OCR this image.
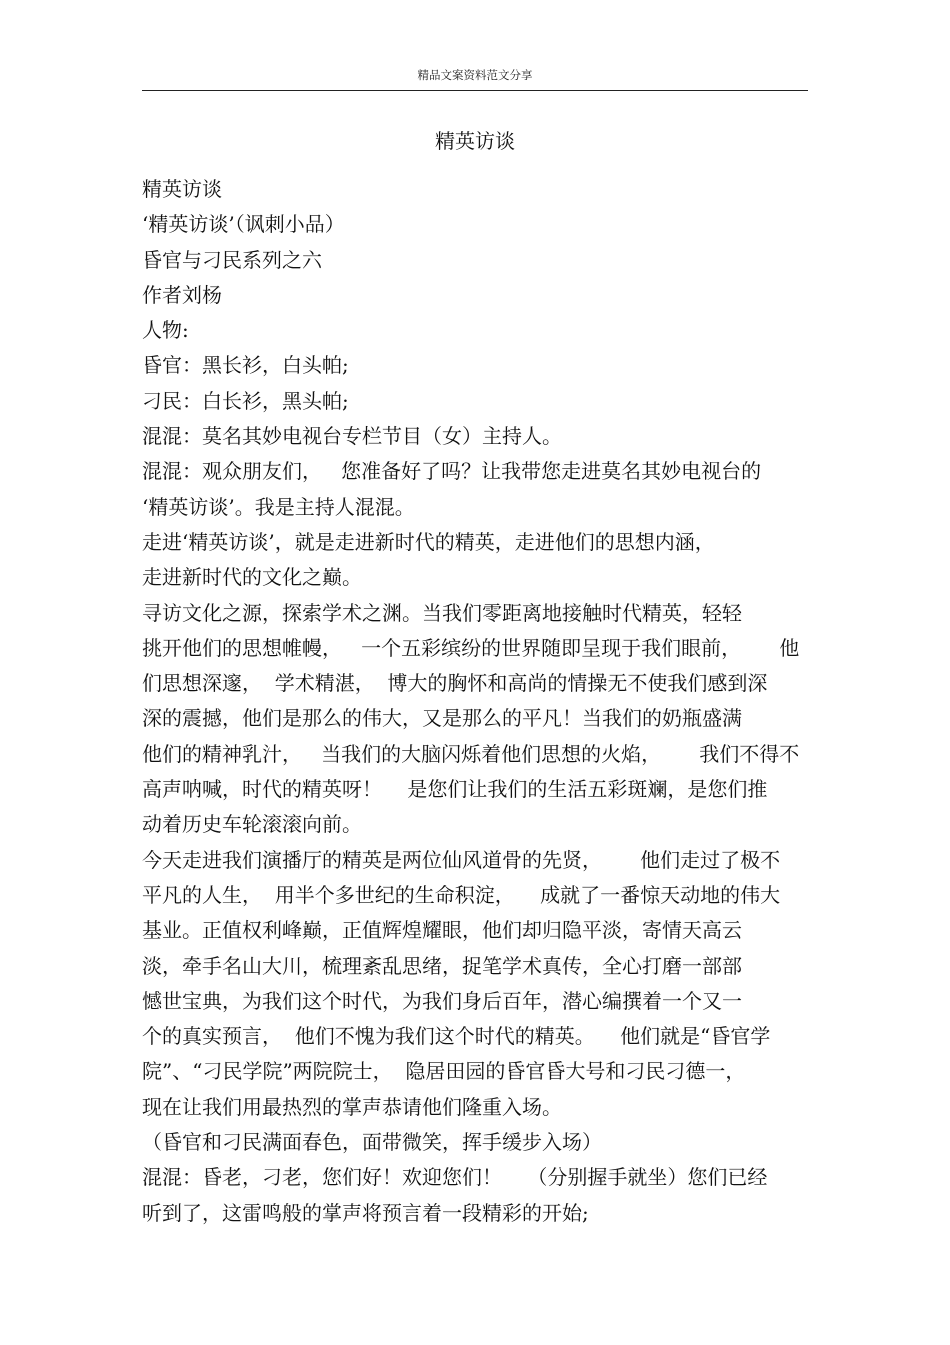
精品文案资料范文分享
精英访谈
精英访谈
‘精英访谈’（讽刺小品）
昏官与刁民系列之六
作者刘杨
人物:
昏官：黑长衫，白头帕;
刁民：白长衫，黑头帕;
混混：莫名其妙电视台专栏节目（女）主持人。
混混：观众朋友们，   您准备好了吗？让我带您走进莫名其妙电视台的
‘精英访谈’。我是主持人混混。
走进‘精英访谈’，就是走进新时代的精英，走进他们的思想内涵，
走进新时代的文化之巅。
寻访文化之源，探索学术之渊。当我们零距离地接触时代精英，轻轻
挑开他们的思想帷幔，   一个五彩缤纷的世界随即呈现于我们眼前，      他
们思想深邃，  学术精湛，  博大的胸怀和高尚的情操无不使我们感到深
深的震撼，他们是那么的伟大，又是那么的平凡！当我们的奶瓶盛满
他们的精神乳汁，   当我们的大脑闪烁着他们思想的火焰，      我们不得不
高声呐喊，时代的精英呀！    是您们让我们的生活五彩斑斓，是您们推
动着历史车轮滚滚向前。
今天走进我们演播厅的精英是两位仙风道骨的先贤，      他们走过了极不
平凡的人生，  用半个多世纪的生命积淀，    成就了一番惊天动地的伟大
基业。正值权利峰巅，正值辉煌耀眼，他们却归隐平淡，寄情天高云
淡，牵手名山大川，梳理紊乱思绪，捉笔学术真传，全心打磨一部部
憾世宝典，为我们这个时代，为我们身后百年，潜心编撰着一个又一
个的真实预言，  他们不愧为我们这个时代的精英。    他们就是“昏官学
院”、“刁民学院”两院院士，  隐居田园的昏官昏大号和刁民刁德一，
现在让我们用最热烈的掌声恭请他们隆重入场。
（昏官和刁民满面春色，面带微笑，挥手缓步入场）
混混：昏老，刁老，您们好！欢迎您们！    （分别握手就坐）您们已经
听到了，这雷鸣般的掌声将预言着一段精彩的开始;
